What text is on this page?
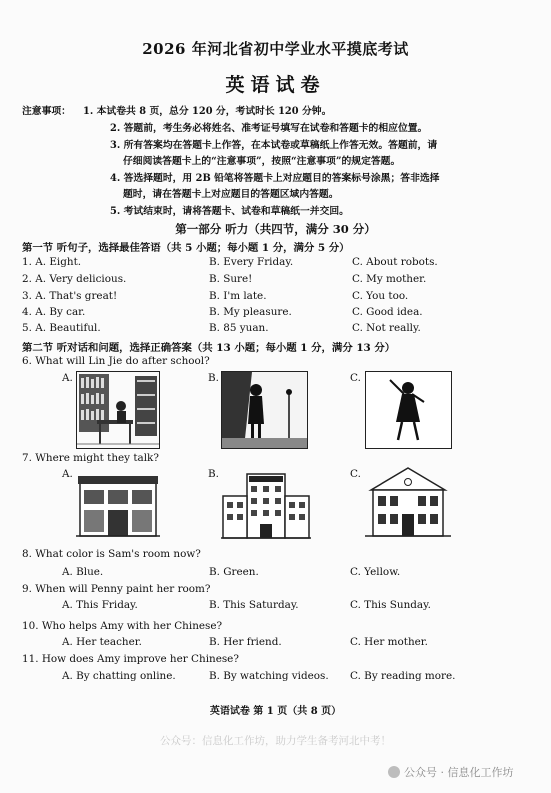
2026 年河北省初中学业水平摸底考试
英语试卷
注意事项： 1. 本试卷共 8 页，总分 120 分，考试时长 120 分钟。
2. 答题前，考生务必将姓名、准考证号填写在试卷和答题卡的相应位置。
3. 所有答案均在答题卡上作答，在本试卷或草稿纸上作答无效。答题前，请
仔细阅读答题卡上的“注意事项”，按照“注意事项”的规定答题。
4. 答选择题时，用 2B 铅笔将答题卡上对应题目的答案标号涂黑；答非选择
题时，请在答题卡上对应题目的答题区域内答题。
5. 考试结束时，请将答题卡、试卷和草稿纸一并交回。
第一部分 听力（共四节，满分 30 分）
第一节 听句子，选择最佳答语（共 5 小题；每小题 1 分，满分 5 分）
1. A. Eight.	B. Every Friday.	C. About robots.
2. A. Very delicious.	B. Sure!	C. My mother.
3. A. That's great!	B. I'm late.	C. You too.
4. A. By car.	B. My pleasure.	C. Good idea.
5. A. Beautiful.	B. 85 yuan.	C. Not really.
第二节 听对话和问题，选择正确答案（共 13 小题；每小题 1 分，满分 13 分）
6. What will Lin Jie do after school?
A.	B.	C.
7. Where might they talk?
A.	B.	C.
8. What color is Sam's room now?
A. Blue.	B. Green.	C. Yellow.
9. When will Penny paint her room?
A. This Friday.	B. This Saturday.	C. This Sunday.
10. Who helps Amy with her Chinese?
A. Her teacher.	B. Her friend.	C. Her mother.
11. How does Amy improve her Chinese?
A. By chatting online.	B. By watching videos. C. By reading more.
英语试卷 第 1 页（共 8 页）
公众号：信息化工作坊，助力学生备考河北中考！
公众号 · 信息化工作坊
